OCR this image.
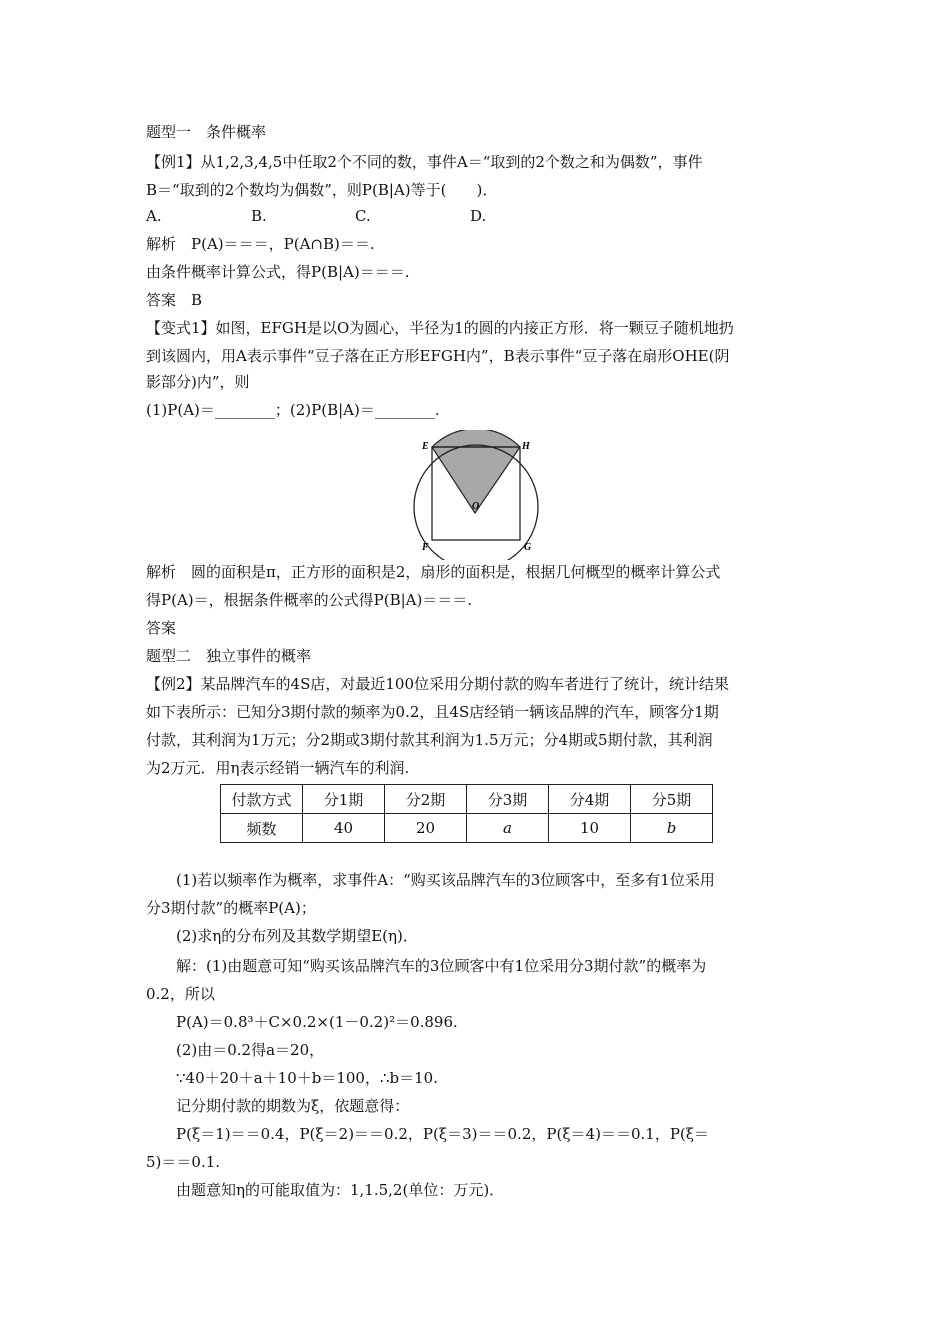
题型一　条件概率
【例1】从1,2,3,4,5中任取2个不同的数，事件A＝“取到的2个数之和为偶数”，事件
B＝“取到的2个数均为偶数”，则P(B|A)等于(　　)．
A.	B.	C.	D.
解析　P(A)＝＝＝，P(A∩B)＝＝.
由条件概率计算公式，得P(B|A)＝＝＝.
答案　B
【变式1】如图，EFGH是以O为圆心，半径为1的圆的内接正方形．将一颗豆子随机地扔
到该圆内，用A表示事件“豆子落在正方形EFGH内”，B表示事件“豆子落在扇形OHE(阴
影部分)内”，则
(1)P(A)＝________；(2)P(B|A)＝________.
E	H
O
F	G
解析　圆的面积是π，正方形的面积是2，扇形的面积是，根据几何概型的概率计算公式
得P(A)＝，根据条件概率的公式得P(B|A)＝＝＝.
答案
题型二　独立事件的概率
【例2】某品牌汽车的4S店，对最近100位采用分期付款的购车者进行了统计，统计结果
如下表所示：已知分3期付款的频率为0.2，且4S店经销一辆该品牌的汽车，顾客分1期
付款，其利润为1万元；分2期或3期付款其利润为1.5万元；分4期或5期付款，其利润
为2万元．用η表示经销一辆汽车的利润.
付款方式	分1期	分2期	分3期	分4期	分5期
频数	40	20	a	10	b
(1)若以频率作为概率，求事件A：“购买该品牌汽车的3位顾客中，至多有1位采用
分3期付款”的概率P(A)；
(2)求η的分布列及其数学期望E(η)．
解：(1)由题意可知“购买该品牌汽车的3位顾客中有1位采用分3期付款”的概率为
0.2，所以
P(A)＝0.8³＋C×0.2×(1－0.2)²＝0.896.
(2)由＝0.2得a＝20，
∵40＋20＋a＋10＋b＝100，∴b＝10.
记分期付款的期数为ξ，依题意得：
P(ξ＝1)＝＝0.4，P(ξ＝2)＝＝0.2，P(ξ＝3)＝＝0.2，P(ξ＝4)＝＝0.1，P(ξ＝
5)＝＝0.1.
由题意知η的可能取值为：1,1.5,2(单位：万元)．
